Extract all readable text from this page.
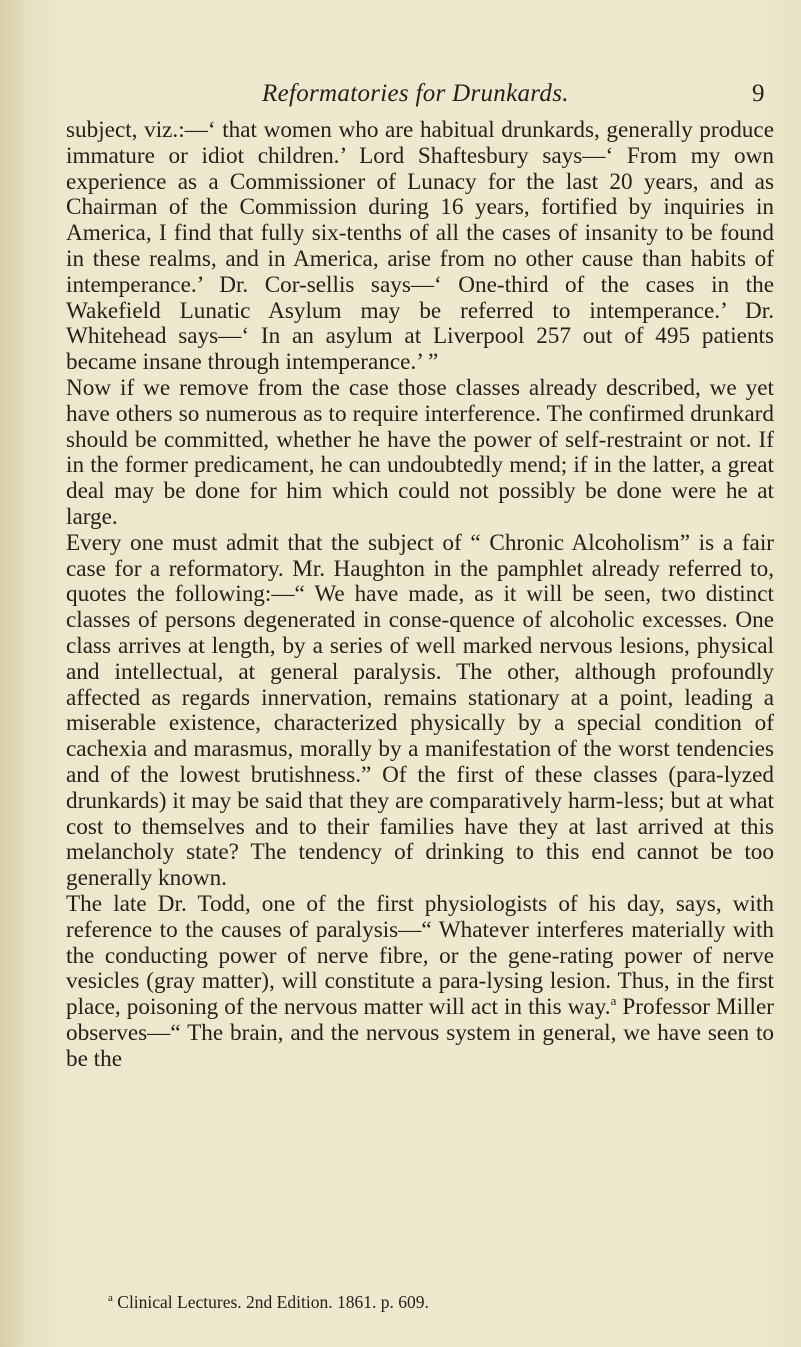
Reformatories for Drunkards.	9

subject, viz.:—‘ that women who are habitual drunkards, generally produce immature or idiot children.’ Lord Shaftesbury says—‘ From my own experience as a Commissioner of Lunacy for the last 20 years, and as Chairman of the Commission during 16 years, fortified by inquiries in America, I find that fully six-tenths of all the cases of insanity to be found in these realms, and in America, arise from no other cause than habits of intemperance.’ Dr. Cor-sellis says—‘ One-third of the cases in the Wakefield Lunatic Asylum may be referred to intemperance.’ Dr. Whitehead says—‘ In an asylum at Liverpool 257 out of 495 patients became insane through intemperance.’ ”

Now if we remove from the case those classes already described, we yet have others so numerous as to require interference. The confirmed drunkard should be committed, whether he have the power of self-restraint or not. If in the former predicament, he can undoubtedly mend; if in the latter, a great deal may be done for him which could not possibly be done were he at large.

Every one must admit that the subject of “ Chronic Alcoholism” is a fair case for a reformatory. Mr. Haughton in the pamphlet already referred to, quotes the following:—“ We have made, as it will be seen, two distinct classes of persons degenerated in conse-quence of alcoholic excesses. One class arrives at length, by a series of well marked nervous lesions, physical and intellectual, at general paralysis. The other, although profoundly affected as regards innervation, remains stationary at a point, leading a miserable existence, characterized physically by a special condition of cachexia and marasmus, morally by a manifestation of the worst tendencies and of the lowest brutishness.” Of the first of these classes (para-lyzed drunkards) it may be said that they are comparatively harm-less; but at what cost to themselves and to their families have they at last arrived at this melancholy state? The tendency of drinking to this end cannot be too generally known.

The late Dr. Todd, one of the first physiologists of his day, says, with reference to the causes of paralysis—“ Whatever interferes materially with the conducting power of nerve fibre, or the gene-rating power of nerve vesicles (gray matter), will constitute a para-lysing lesion. Thus, in the first place, poisoning of the nervous matter will act in this way.$^a$ Professor Miller observes—“ The brain, and the nervous system in general, we have seen to be the

$^a$ Clinical Lectures. 2nd Edition. 1861. p. 609.
